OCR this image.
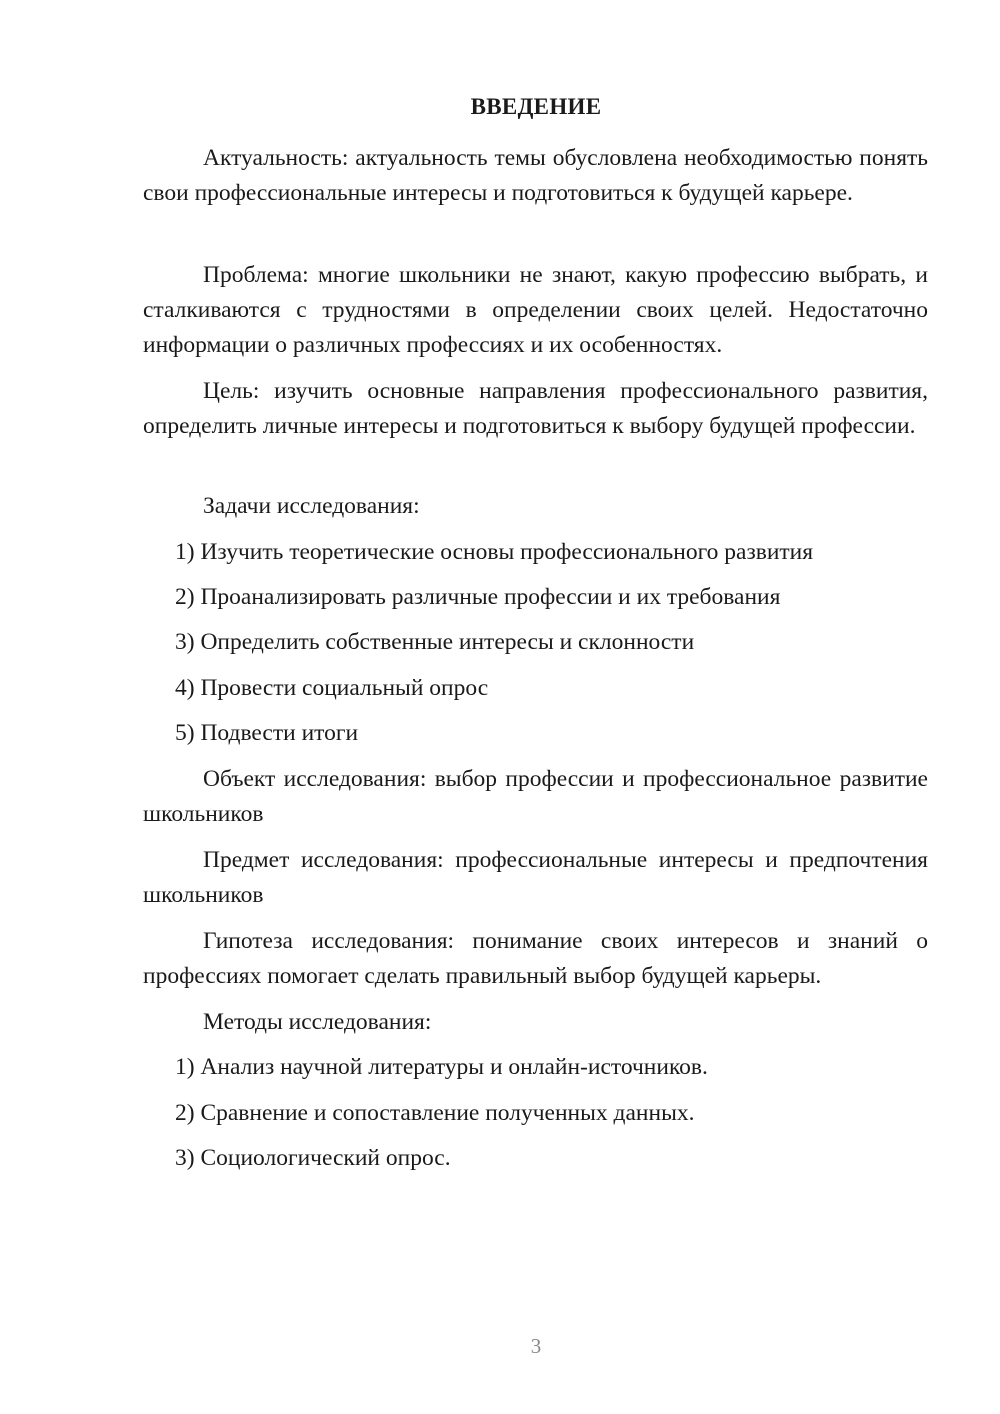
ВВЕДЕНИЕ

Актуальность: актуальность темы обусловлена необходимостью понять свои профессиональные интересы и подготовиться к будущей карьере.

Проблема: многие школьники не знают, какую профессию выбрать, и сталкиваются с трудностями в определении своих целей. Недостаточно информации о различных профессиях и их особенностях.

Цель: изучить основные направления профессионального развития, определить личные интересы и подготовиться к выбору будущей профессии.

Задачи исследования:

1) Изучить теоретические основы профессионального развития

2) Проанализировать различные профессии и их требования

3) Определить собственные интересы и склонности

4) Провести социальный опрос

5) Подвести итоги

Объект исследования: выбор профессии и профессиональное развитие школьников

Предмет исследования: профессиональные интересы и предпочтения школьников

Гипотеза исследования: понимание своих интересов и знаний о профессиях помогает сделать правильный выбор будущей карьеры.

Методы исследования:

1) Анализ научной литературы и онлайн-источников.

2) Сравнение и сопоставление полученных данных.

3) Социологический опрос.

3
